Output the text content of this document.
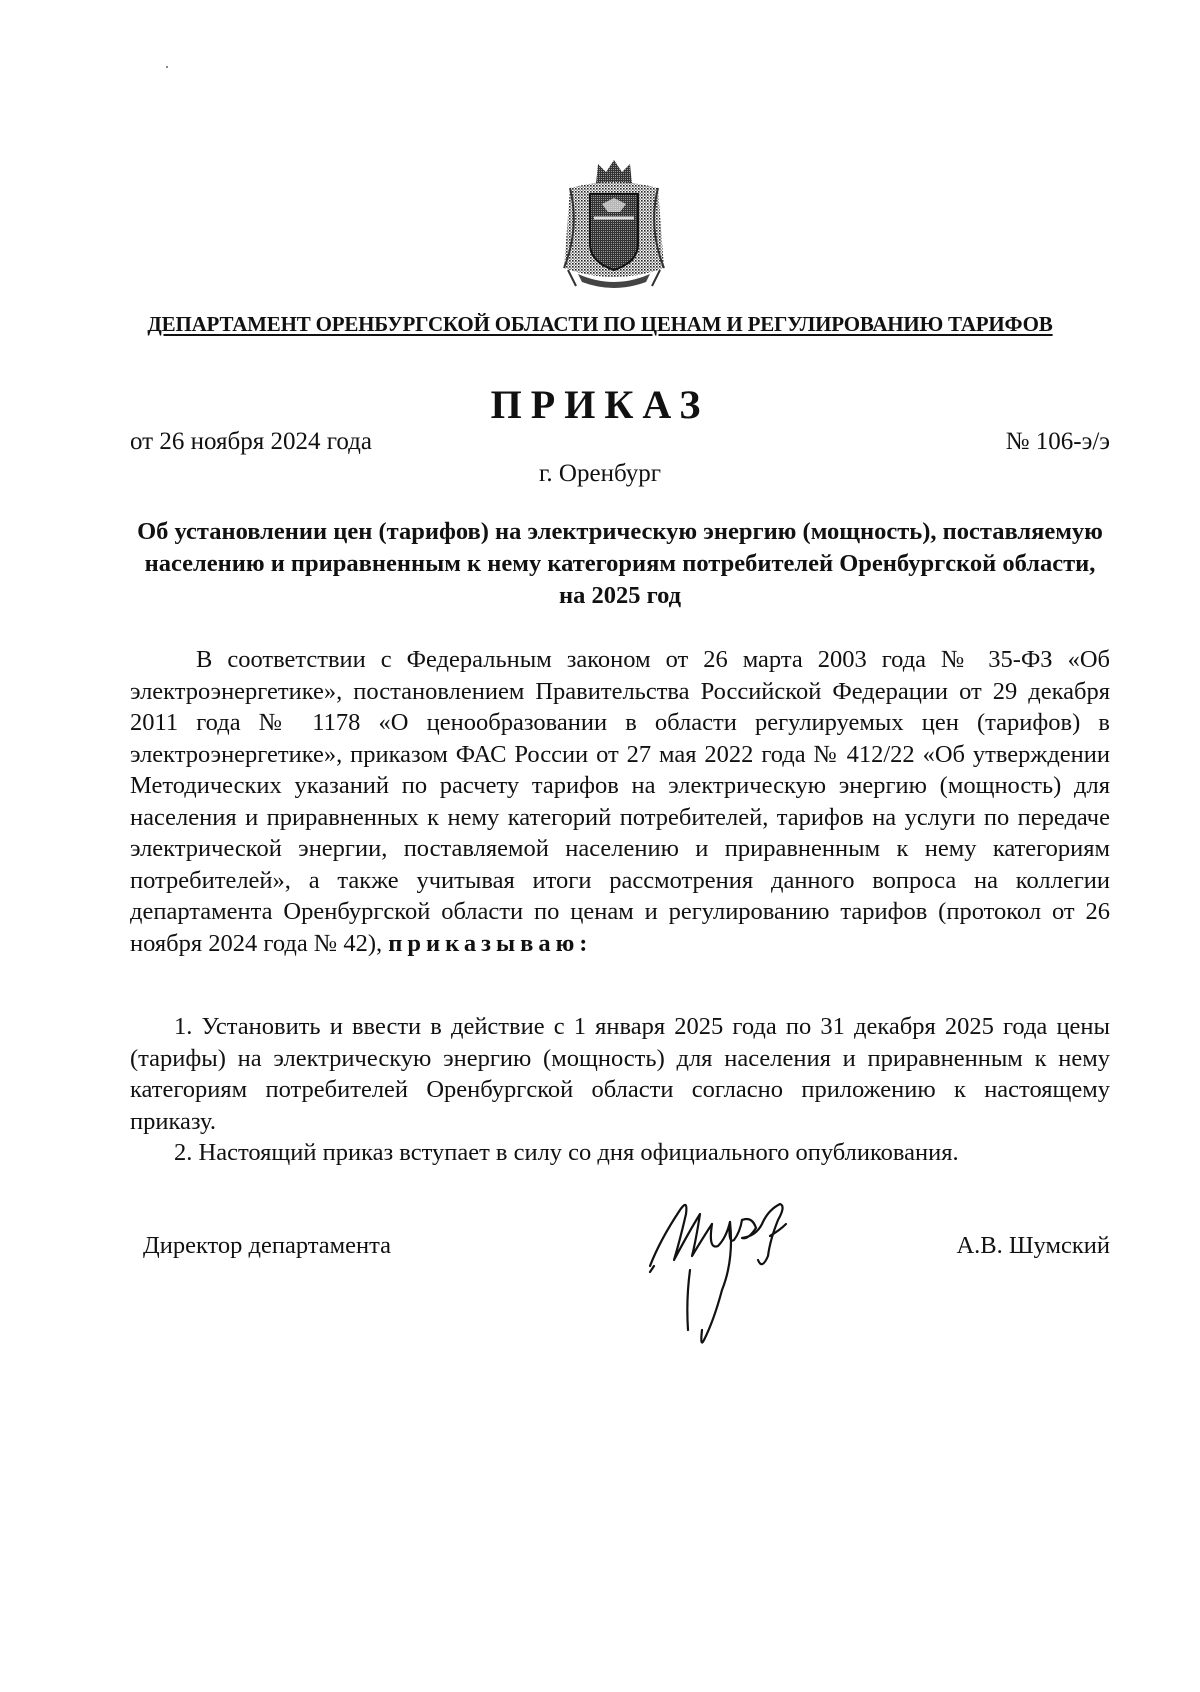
ДЕПАРТАМЕНТ ОРЕНБУРГСКОЙ ОБЛАСТИ ПО ЦЕНАМ И РЕГУЛИРОВАНИЮ ТАРИФОВ
ПРИКАЗ
от 26 ноября 2024 года	№ 106-э/э
г. Оренбург
Об установлении цен (тарифов) на электрическую энергию (мощность), поставляемую населению и приравненным к нему категориям потребителей Оренбургской области, на 2025 год
В соответствии с Федеральным законом от 26 марта 2003 года № 35-ФЗ «Об электроэнергетике», постановлением Правительства Российской Федерации от 29 декабря 2011 года № 1178 «О ценообразовании в области регулируемых цен (тарифов) в электроэнергетике», приказом ФАС России от 27 мая 2022 года № 412/22 «Об утверждении Методических указаний по расчету тарифов на электрическую энергию (мощность) для населения и приравненных к нему категорий потребителей, тарифов на услуги по передаче электрической энергии, поставляемой населению и приравненным к нему категориям потребителей», а также учитывая итоги рассмотрения данного вопроса на коллегии департамента Оренбургской области по ценам и регулированию тарифов (протокол от 26 ноября 2024 года № 42), приказываю:

1. Установить и ввести в действие с 1 января 2025 года по 31 декабря 2025 года цены (тарифы) на электрическую энергию (мощность) для населения и приравненным к нему категориям потребителей Оренбургской области согласно приложению к настоящему приказу.

2. Настоящий приказ вступает в силу со дня официального опубликования.

Директор департамента	А.В. Шумский
